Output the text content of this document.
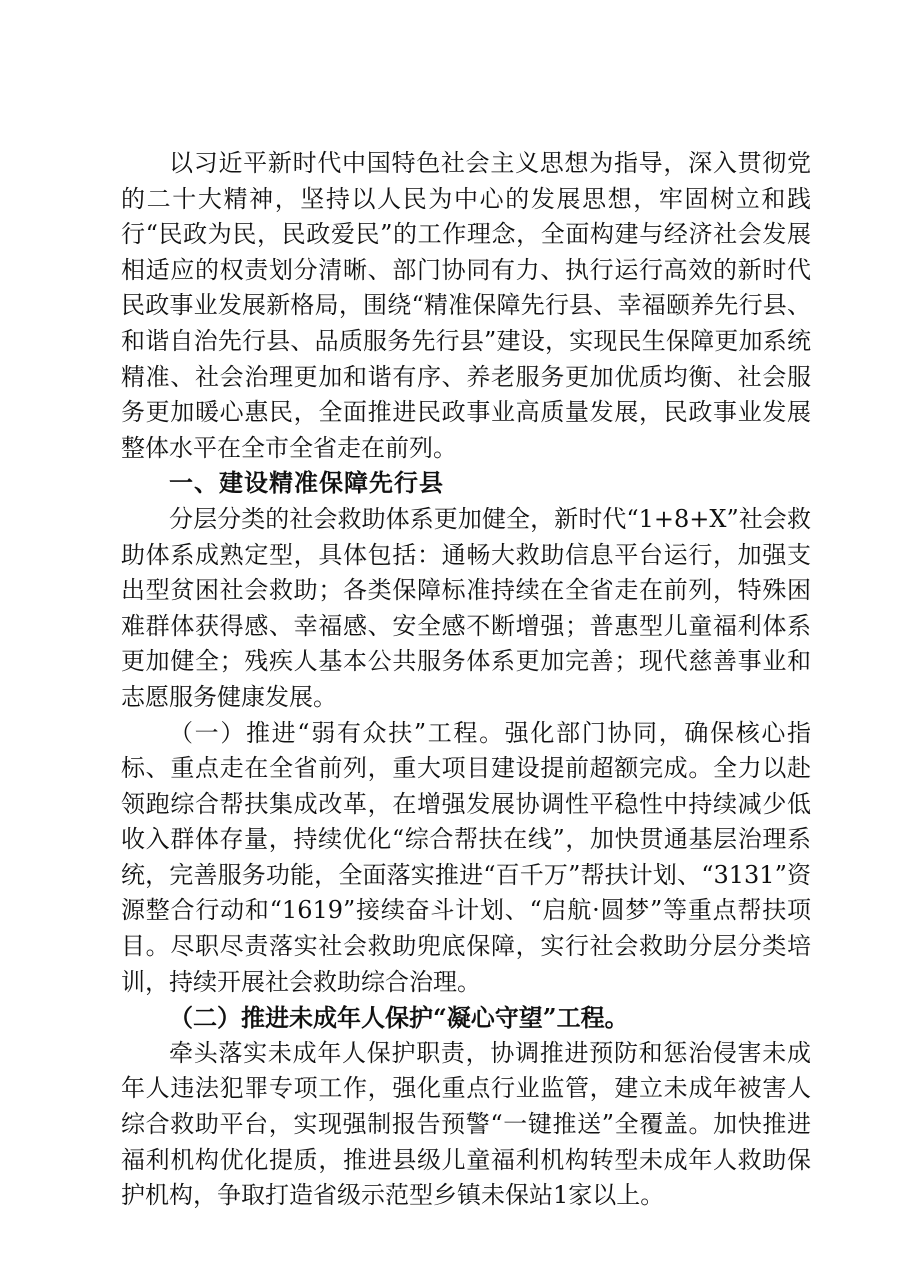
以习近平新时代中国特色社会主义思想为指导，深入贯彻党的二十大精神，坚持以人民为中心的发展思想，牢固树立和践行“民政为民，民政爱民”的工作理念，全面构建与经济社会发展相适应的权责划分清晰、部门协同有力、执行运行高效的新时代民政事业发展新格局，围绕“精准保障先行县、幸福颐养先行县、和谐自治先行县、品质服务先行县”建设，实现民生保障更加系统精准、社会治理更加和谐有序、养老服务更加优质均衡、社会服务更加暖心惠民，全面推进民政事业高质量发展，民政事业发展整体水平在全市全省走在前列。

一、建设精准保障先行县

分层分类的社会救助体系更加健全，新时代“1+8+X”社会救助体系成熟定型，具体包括：通畅大救助信息平台运行，加强支出型贫困社会救助；各类保障标准持续在全省走在前列，特殊困难群体获得感、幸福感、安全感不断增强；普惠型儿童福利体系更加健全；残疾人基本公共服务体系更加完善；现代慈善事业和志愿服务健康发展。

（一）推进“弱有众扶”工程。强化部门协同，确保核心指标、重点走在全省前列，重大项目建设提前超额完成。全力以赴领跑综合帮扶集成改革，在增强发展协调性平稳性中持续减少低收入群体存量，持续优化“综合帮扶在线”，加快贯通基层治理系统，完善服务功能，全面落实推进“百千万”帮扶计划、“3131”资源整合行动和“1619”接续奋斗计划、“启航·圆梦”等重点帮扶项目。尽职尽责落实社会救助兜底保障，实行社会救助分层分类培训，持续开展社会救助综合治理。

（二）推进未成年人保护“凝心守望”工程。

牵头落实未成年人保护职责，协调推进预防和惩治侵害未成年人违法犯罪专项工作，强化重点行业监管，建立未成年被害人综合救助平台，实现强制报告预警“一键推送”全覆盖。加快推进福利机构优化提质，推进县级儿童福利机构转型未成年人救助保护机构，争取打造省级示范型乡镇未保站1家以上。
